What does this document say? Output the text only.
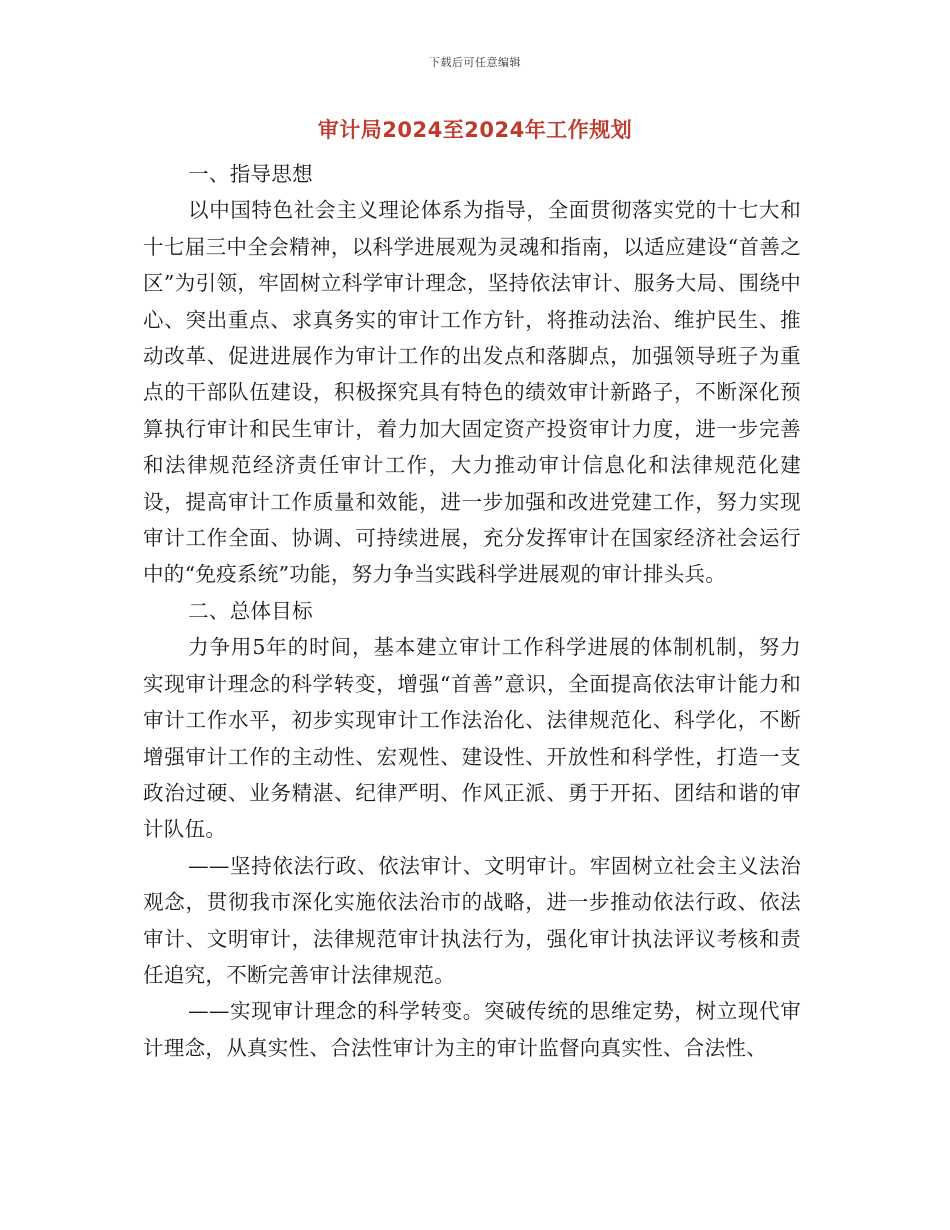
下载后可任意编辑
审计局2024至2024年工作规划

一、指导思想

以中国特色社会主义理论体系为指导，全面贯彻落实党的十七大和十七届三中全会精神，以科学进展观为灵魂和指南，以适应建设“首善之区”为引领，牢固树立科学审计理念，坚持依法审计、服务大局、围绕中心、突出重点、求真务实的审计工作方针，将推动法治、维护民生、推动改革、促进进展作为审计工作的出发点和落脚点，加强领导班子为重点的干部队伍建设，积极探究具有特色的绩效审计新路子，不断深化预算执行审计和民生审计，着力加大固定资产投资审计力度，进一步完善和法律规范经济责任审计工作，大力推动审计信息化和法律规范化建设，提高审计工作质量和效能，进一步加强和改进党建工作，努力实现审计工作全面、协调、可持续进展，充分发挥审计在国家经济社会运行中的“免疫系统”功能，努力争当实践科学进展观的审计排头兵。

二、总体目标

力争用5年的时间，基本建立审计工作科学进展的体制机制，努力实现审计理念的科学转变，增强“首善”意识，全面提高依法审计能力和审计工作水平，初步实现审计工作法治化、法律规范化、科学化，不断增强审计工作的主动性、宏观性、建设性、开放性和科学性，打造一支政治过硬、业务精湛、纪律严明、作风正派、勇于开拓、团结和谐的审计队伍。

——坚持依法行政、依法审计、文明审计。牢固树立社会主义法治观念，贯彻我市深化实施依法治市的战略，进一步推动依法行政、依法审计、文明审计，法律规范审计执法行为，强化审计执法评议考核和责任追究，不断完善审计法律规范。

——实现审计理念的科学转变。突破传统的思维定势，树立现代审计理念，从真实性、合法性审计为主的审计监督向真实性、合法性、
